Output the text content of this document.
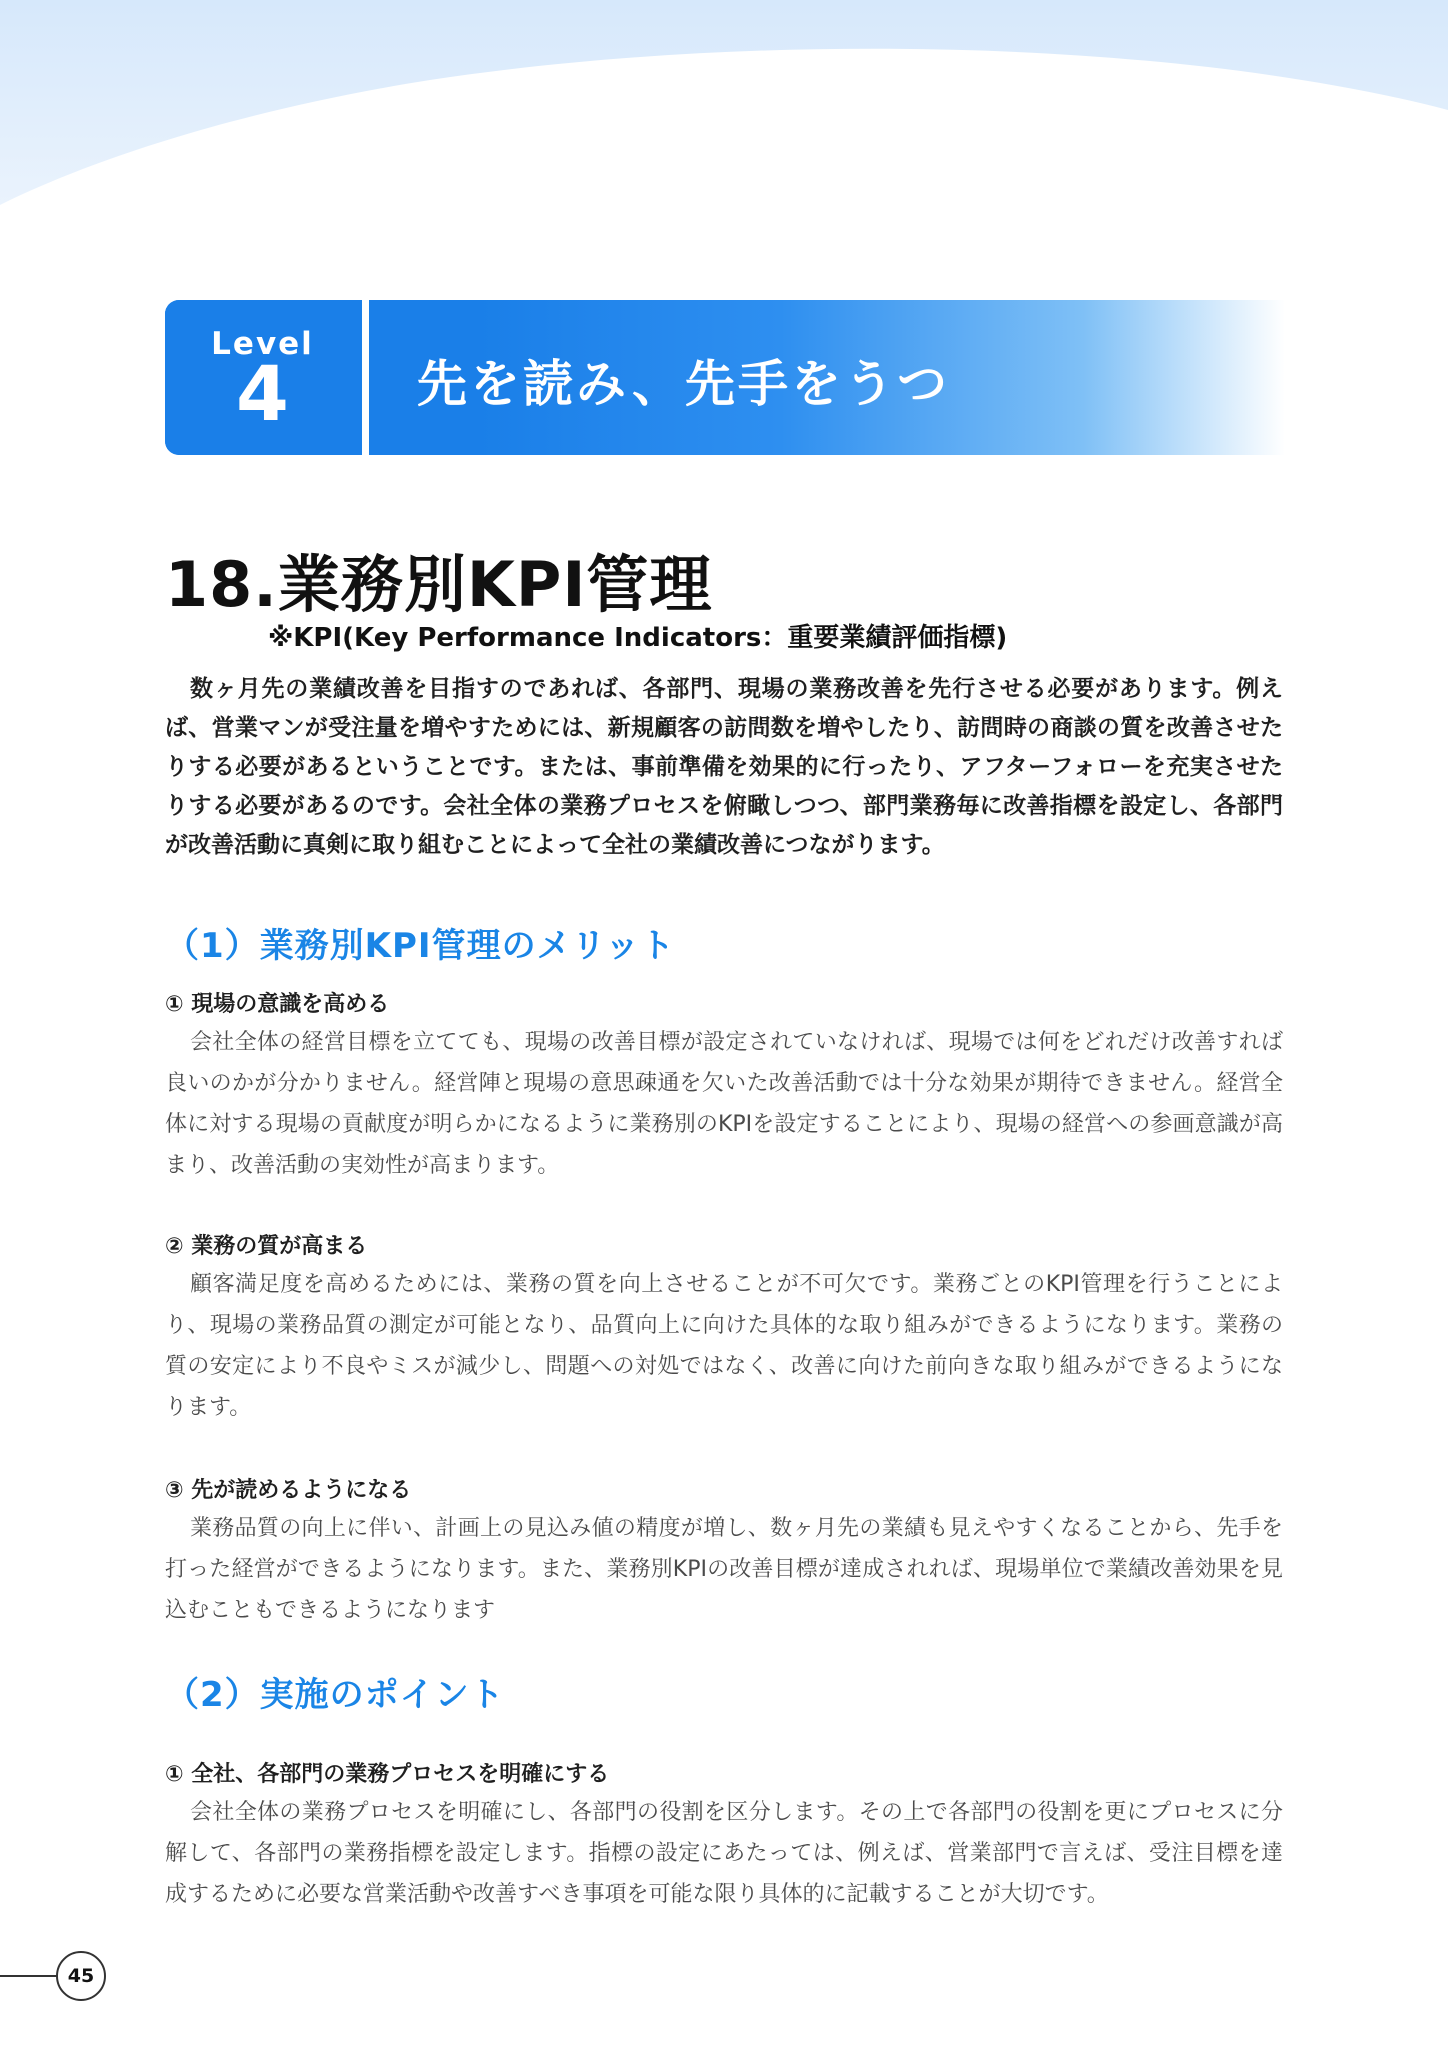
Level
4	先を読み、先手をうつ
18.業務別KPI管理
※KPI(Key Performance Indicators：重要業績評価指標)

数ヶ月先の業績改善を目指すのであれば、各部門、現場の業務改善を先行させる必要があります。例えば、営業マンが受注量を増やすためには、新規顧客の訪問数を増やしたり、訪問時の商談の質を改善させたりする必要があるということです。または、事前準備を効果的に行ったり、アフターフォローを充実させたりする必要があるのです。会社全体の業務プロセスを俯瞰しつつ、部門業務毎に改善指標を設定し、各部門が改善活動に真剣に取り組むことによって全社の業績改善につながります。

（1）業務別KPI管理のメリット
① 現場の意識を高める

会社全体の経営目標を立てても、現場の改善目標が設定されていなければ、現場では何をどれだけ改善すれば良いのかが分かりません。経営陣と現場の意思疎通を欠いた改善活動では十分な効果が期待できません。経営全体に対する現場の貢献度が明らかになるように業務別のKPIを設定することにより、現場の経営への参画意識が高まり、改善活動の実効性が高まります。

② 業務の質が高まる

顧客満足度を高めるためには、業務の質を向上させることが不可欠です。業務ごとのKPI管理を行うことにより、現場の業務品質の測定が可能となり、品質向上に向けた具体的な取り組みができるようになります。業務の質の安定により不良やミスが減少し、問題への対処ではなく、改善に向けた前向きな取り組みができるようになります。

③ 先が読めるようになる

業務品質の向上に伴い、計画上の見込み値の精度が増し、数ヶ月先の業績も見えやすくなることから、先手を打った経営ができるようになります。また、業務別KPIの改善目標が達成されれば、現場単位で業績改善効果を見込むこともできるようになります

（2）実施のポイント
① 全社、各部門の業務プロセスを明確にする

会社全体の業務プロセスを明確にし、各部門の役割を区分します。その上で各部門の役割を更にプロセスに分解して、各部門の業務指標を設定します。指標の設定にあたっては、例えば、営業部門で言えば、受注目標を達成するために必要な営業活動や改善すべき事項を可能な限り具体的に記載することが大切です。

45
